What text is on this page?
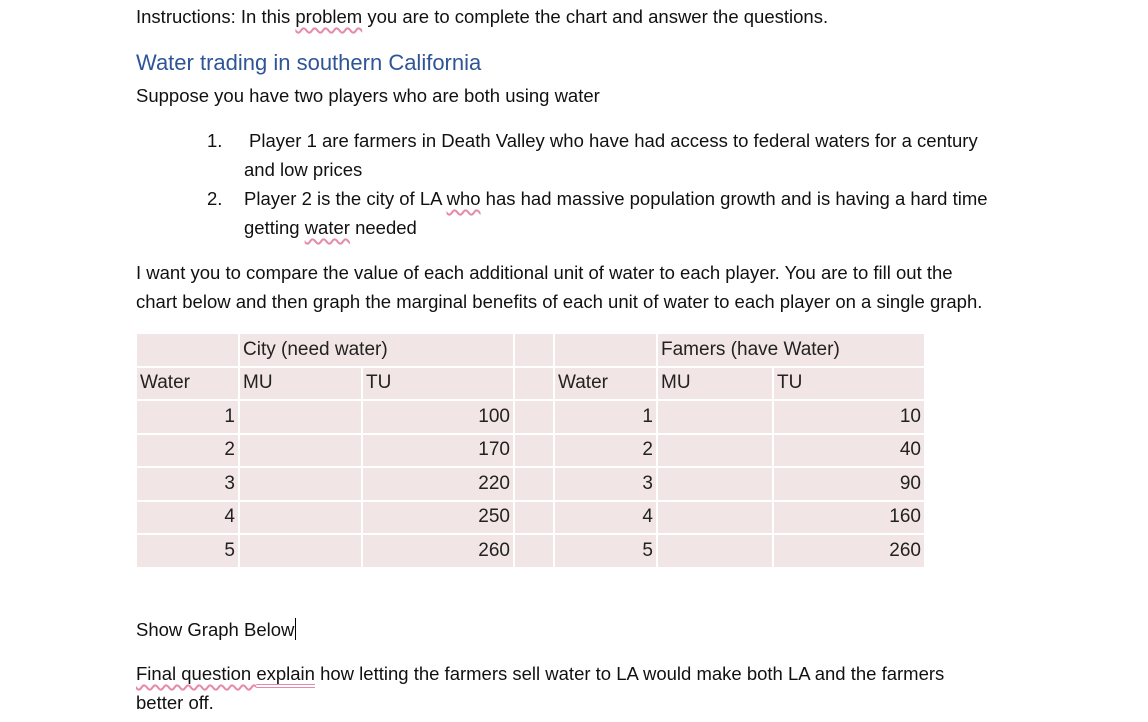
Instructions: In this problem you are to complete the chart and answer the questions.
Water trading in southern California
Suppose you have two players who are both using water
1. Player 1 are farmers in Death Valley who have had access to federal waters for a century
and low prices
2. Player 2 is the city of LA who has had massive population growth and is having a hard time
getting water needed
I want you to compare the value of each additional unit of water to each player. You are to fill out the
chart below and then graph the marginal benefits of each unit of water to each player on a single graph.
	City (need water)				Famers (have Water)	
Water	MU	TU		Water	MU	TU
1		100		1		10
2		170		2		40
3		220		3		90
4		250		4		160
5		260		5		260
Show Graph Below
Final question explain how letting the farmers sell water to LA would make both LA and the farmers
better off.
